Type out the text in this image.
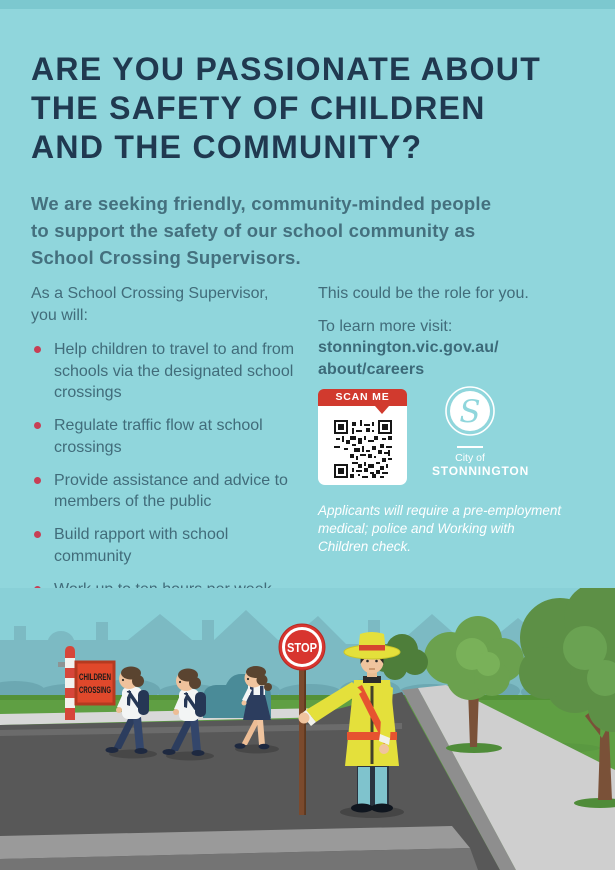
ARE YOU PASSIONATE ABOUT
THE SAFETY OF CHILDREN
AND THE COMMUNITY?
We are seeking friendly, community-minded people
to support the safety of our school community as
School Crossing Supervisors.

As a School Crossing Supervisor,
you will:

Help children to travel to and from schools via the designated school crossings
Regulate traffic flow at school crossings
Provide assistance and advice to members of the public
Build rapport with school community

This could be the role for you.

To learn more visit:
stonnington.vic.gov.au/
about/careers
SCAN ME S
City of
STONNINGTON
Applicants will require a pre-employment
medical; police and Working with
Children check.
CHILDREN
CROSSING
STOP
